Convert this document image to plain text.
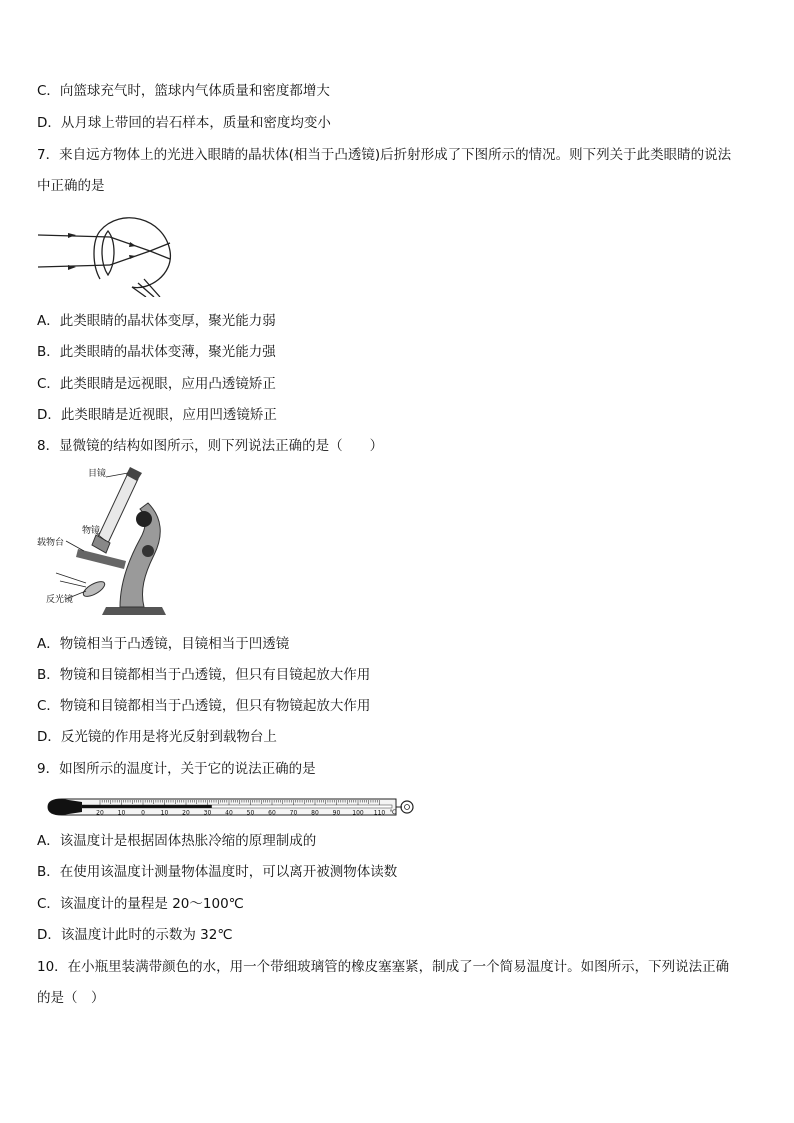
C．向篮球充气时，篮球内气体质量和密度都增大
D．从月球上带回的岩石样本，质量和密度均变小
7．来自远方物体上的光进入眼睛的晶状体(相当于凸透镜)后折射形成了下图所示的情况。则下列关于此类眼睛的说法
中正确的是
A．此类眼睛的晶状体变厚，聚光能力弱
B．此类眼睛的晶状体变薄，聚光能力强
C．此类眼睛是远视眼，应用凸透镜矫正
D．此类眼睛是近视眼，应用凹透镜矫正
8．显微镜的结构如图所示，则下列说法正确的是（　　）
目镜
物镜
载物台
反光镜
A．物镜相当于凸透镜，目镜相当于凹透镜
B．物镜和目镜都相当于凸透镜，但只有目镜起放大作用
C．物镜和目镜都相当于凸透镜，但只有物镜起放大作用
D．反光镜的作用是将光反射到载物台上
9．如图所示的温度计，关于它的说法正确的是
20 10	0	10 20 30 40 50 60 70 80 90 100 110 ℃
A．该温度计是根据固体热胀冷缩的原理制成的
B．在使用该温度计测量物体温度时，可以离开被测物体读数
C．该温度计的量程是 20～100℃
D．该温度计此时的示数为 32℃
10．在小瓶里装满带颜色的水，用一个带细玻璃管的橡皮塞塞紧，制成了一个简易温度计。如图所示，下列说法正确
的是（　）
